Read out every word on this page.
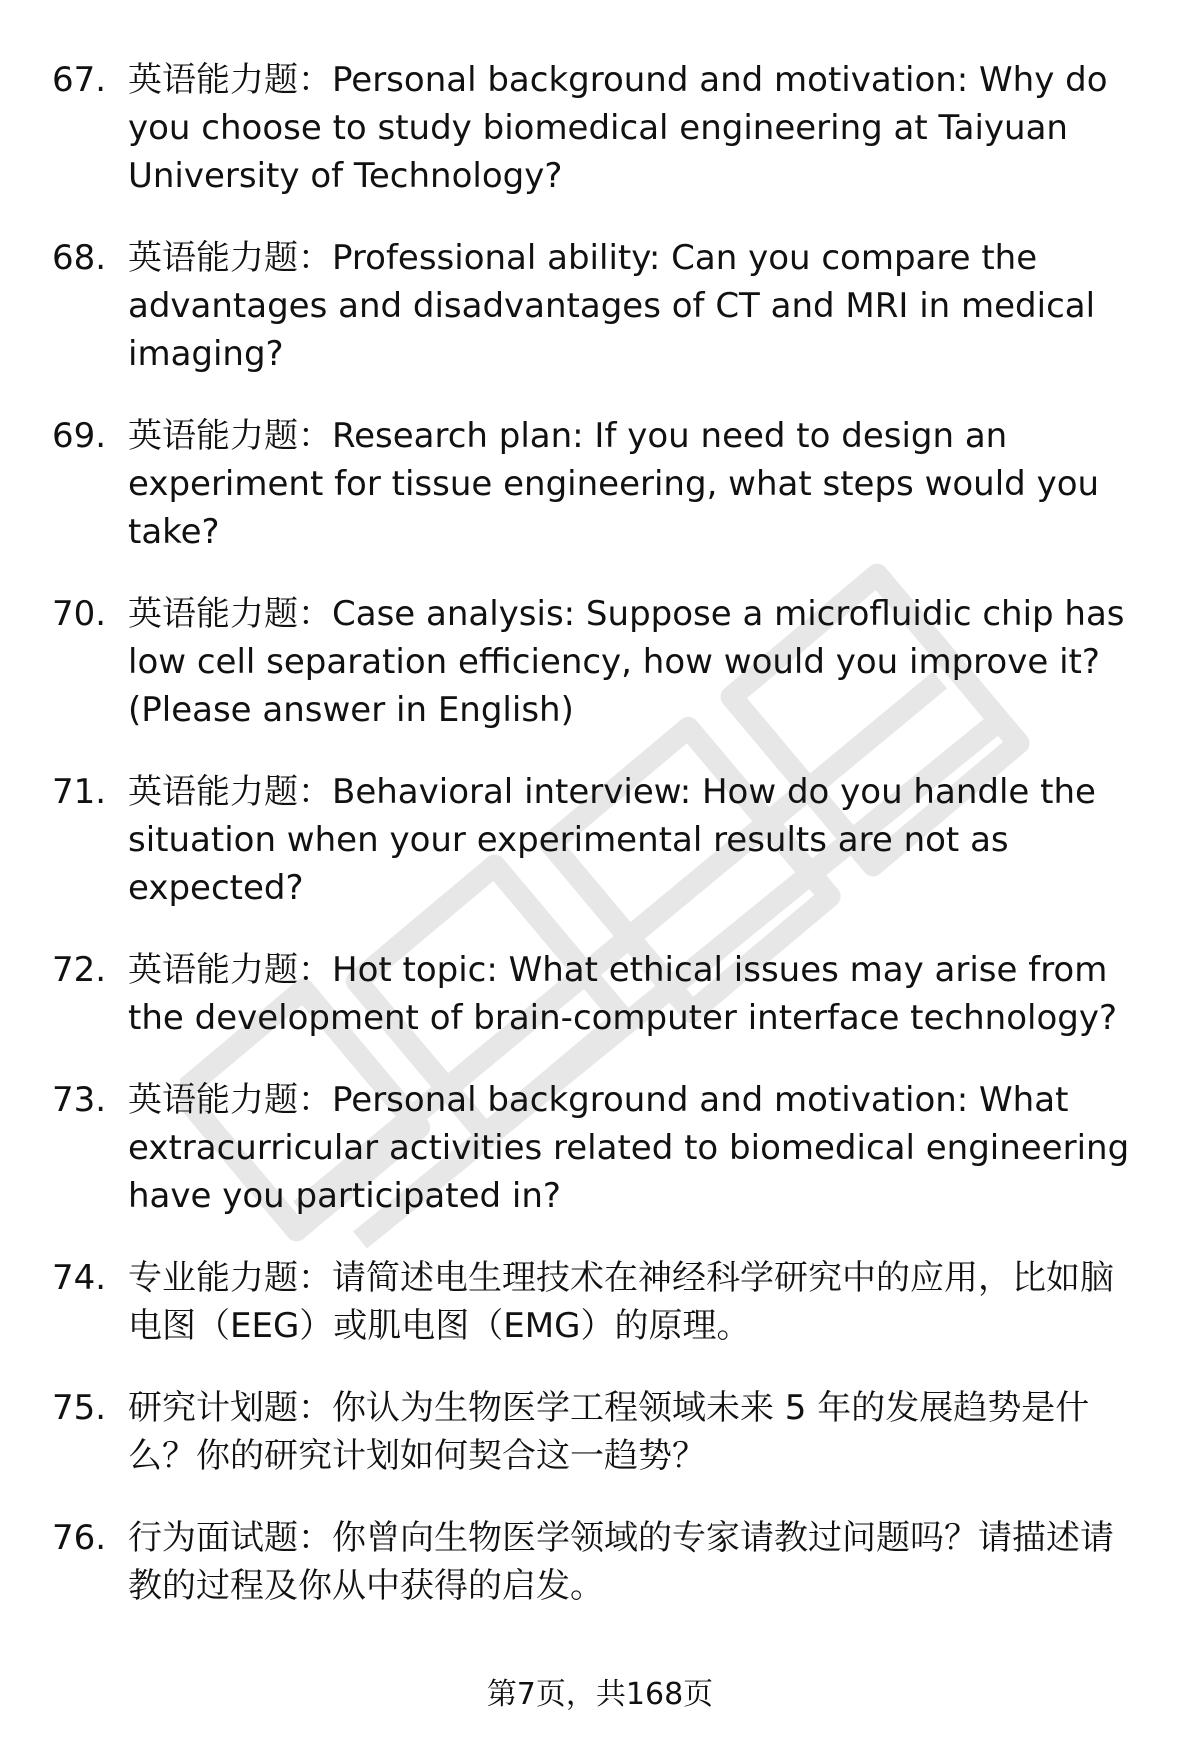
67. 英语能力题：Personal background and motivation: Why do you choose to study biomedical engineering at Taiyuan University of Technology?
68. 英语能力题：Professional ability: Can you compare the advantages and disadvantages of CT and MRI in medical imaging?
69. 英语能力题：Research plan: If you need to design an experiment for tissue engineering, what steps would you take?
70. 英语能力题：Case analysis: Suppose a microfluidic chip has low cell separation efficiency, how would you improve it? (Please answer in English)
71. 英语能力题：Behavioral interview: How do you handle the situation when your experimental results are not as expected?
72. 英语能力题：Hot topic: What ethical issues may arise from the development of brain-computer interface technology?
73. 英语能力题：Personal background and motivation: What extracurricular activities related to biomedical engineering have you participated in?
74. 专业能力题：请简述电生理技术在神经科学研究中的应用，比如脑电图（EEG）或肌电图（EMG）的原理。
75. 研究计划题：你认为生物医学工程领域未来 5 年的发展趋势是什么？你的研究计划如何契合这一趋势？
76. 行为面试题：你曾向生物医学领域的专家请教过问题吗？请描述请教的过程及你从中获得的启发。
第7页，共168页
